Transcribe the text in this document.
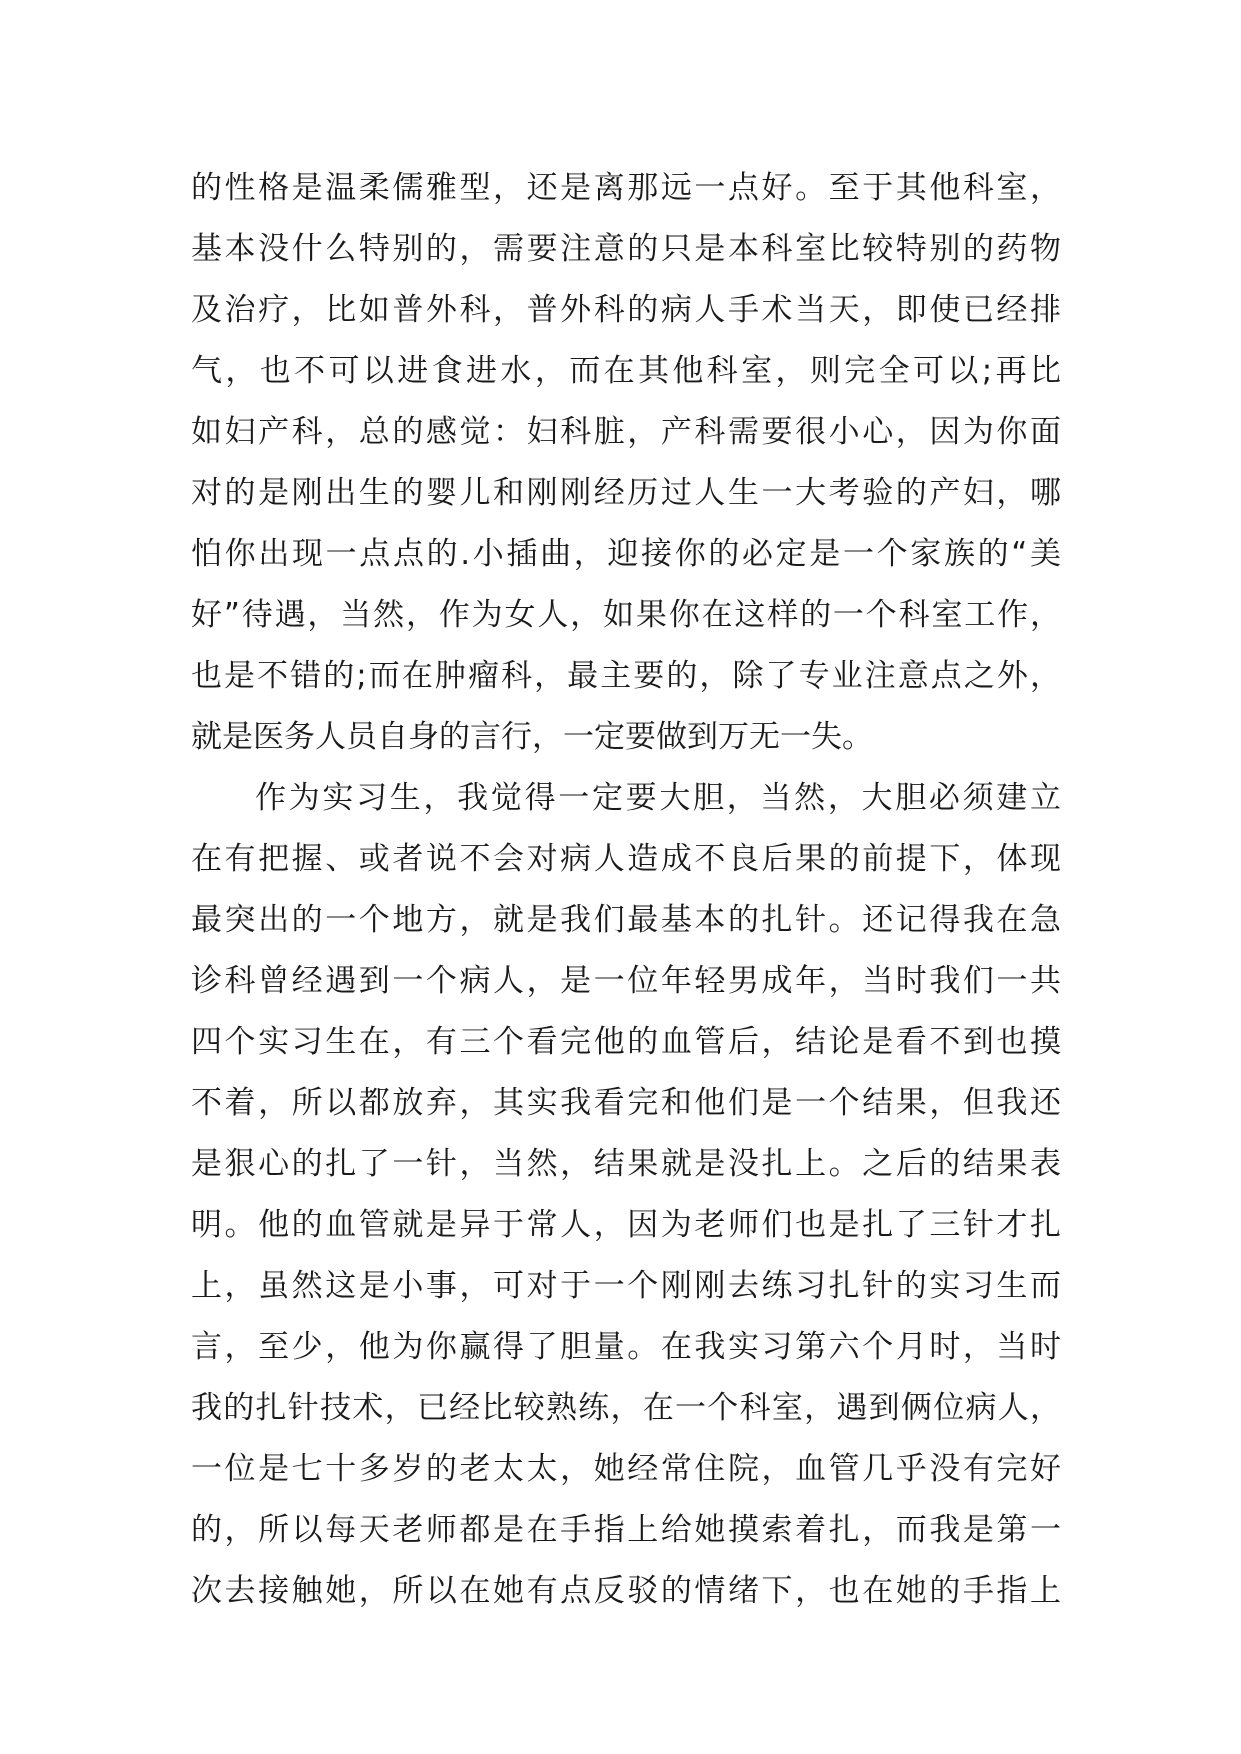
的性格是温柔儒雅型，还是离那远一点好。至于其他科室，
基本没什么特别的，需要注意的只是本科室比较特别的药物
及治疗，比如普外科，普外科的病人手术当天，即使已经排
气，也不可以进食进水，而在其他科室，则完全可以;再比
如妇产科，总的感觉：妇科脏，产科需要很小心，因为你面
对的是刚出生的婴儿和刚刚经历过人生一大考验的产妇，哪
怕你出现一点点的.小插曲，迎接你的必定是一个家族的“美
好”待遇，当然，作为女人，如果你在这样的一个科室工作，
也是不错的;而在肿瘤科，最主要的，除了专业注意点之外，
就是医务人员自身的言行，一定要做到万无一失。
作为实习生，我觉得一定要大胆，当然，大胆必须建立
在有把握、或者说不会对病人造成不良后果的前提下，体现
最突出的一个地方，就是我们最基本的扎针。还记得我在急
诊科曾经遇到一个病人，是一位年轻男成年，当时我们一共
四个实习生在，有三个看完他的血管后，结论是看不到也摸
不着，所以都放弃，其实我看完和他们是一个结果，但我还
是狠心的扎了一针，当然，结果就是没扎上。之后的结果表
明。他的血管就是异于常人，因为老师们也是扎了三针才扎
上，虽然这是小事，可对于一个刚刚去练习扎针的实习生而
言，至少，他为你赢得了胆量。在我实习第六个月时，当时
我的扎针技术，已经比较熟练，在一个科室，遇到俩位病人，
一位是七十多岁的老太太，她经常住院，血管几乎没有完好
的，所以每天老师都是在手指上给她摸索着扎，而我是第一
次去接触她，所以在她有点反驳的情绪下，也在她的手指上
